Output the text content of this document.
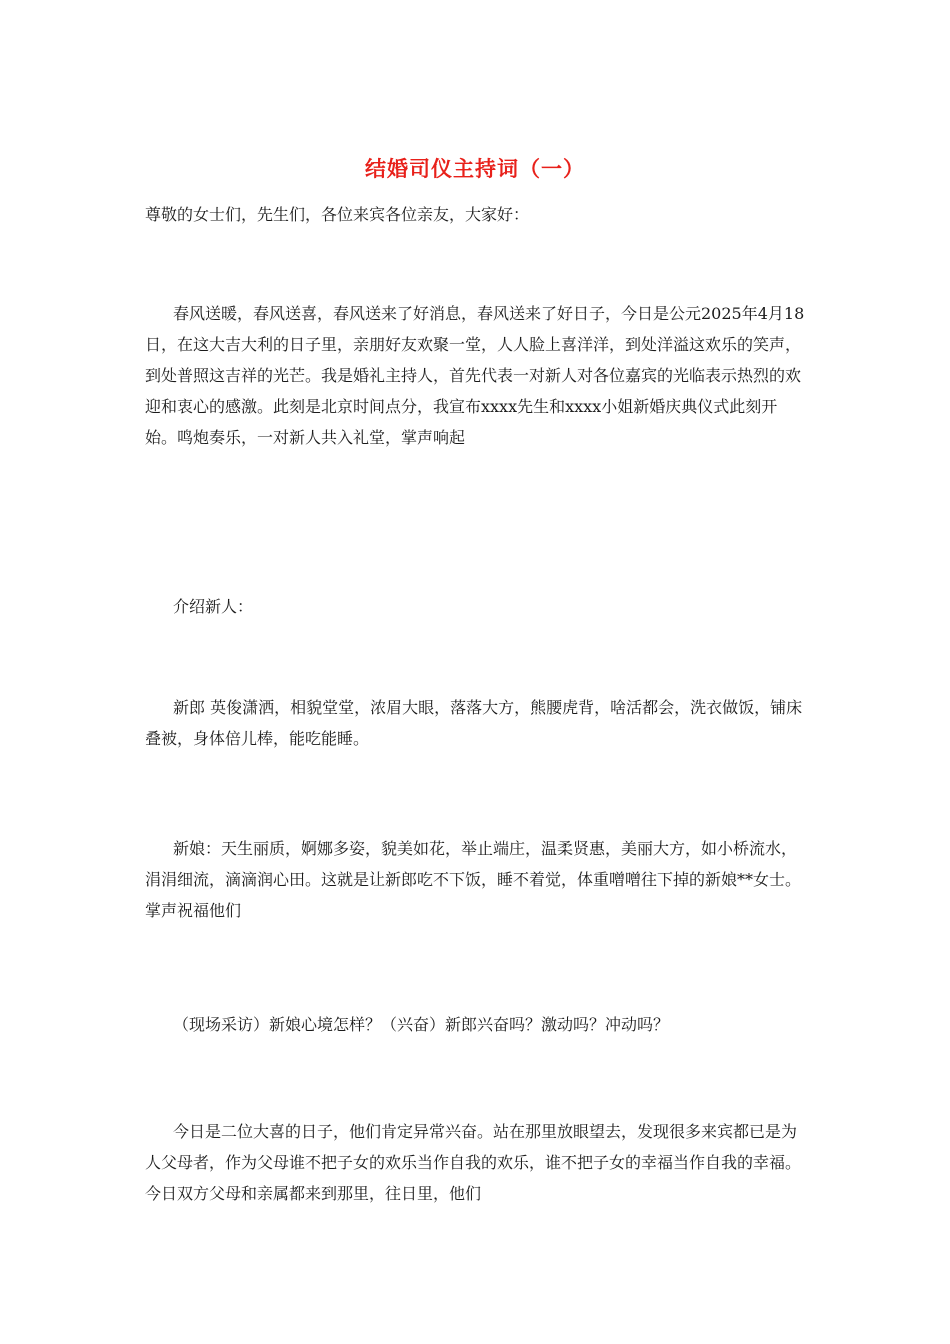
结婚司仪主持词（一）

尊敬的女士们，先生们，各位来宾各位亲友，大家好：

春风送暖，春风送喜，春风送来了好消息，春风送来了好日子，今日是公元2025年4月18日，在这大吉大利的日子里，亲朋好友欢聚一堂，人人脸上喜洋洋，到处洋溢这欢乐的笑声，到处普照这吉祥的光芒。我是婚礼主持人，首先代表一对新人对各位嘉宾的光临表示热烈的欢迎和衷心的感激。此刻是北京时间点分，我宣布xxxx先生和xxxx小姐新婚庆典仪式此刻开始。鸣炮奏乐，一对新人共入礼堂，掌声响起

介绍新人：

新郎 英俊潇洒，相貌堂堂，浓眉大眼，落落大方，熊腰虎背，啥活都会，洗衣做饭，铺床叠被，身体倍儿棒，能吃能睡。

新娘：天生丽质，婀娜多姿，貌美如花，举止端庄，温柔贤惠，美丽大方，如小桥流水，涓涓细流，滴滴润心田。这就是让新郎吃不下饭，睡不着觉，体重噌噌往下掉的新娘**女士。掌声祝福他们

（现场采访）新娘心境怎样？（兴奋）新郎兴奋吗？激动吗？冲动吗？

今日是二位大喜的日子，他们肯定异常兴奋。站在那里放眼望去，发现很多来宾都已是为人父母者，作为父母谁不把子女的欢乐当作自我的欢乐，谁不把子女的幸福当作自我的幸福。今日双方父母和亲属都来到那里，往日里，他们
